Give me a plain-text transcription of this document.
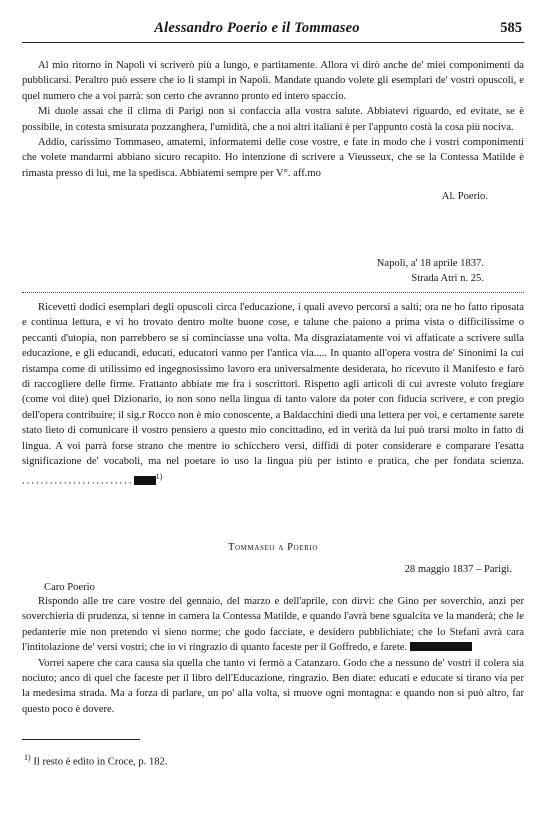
Alessandro Poerio e il Tommaseo	585

Al mio ritorno in Napoli vi scriverò più a lungo, e partitamente. Allora vi dirò anche de' miei componimenti da pubblicarsi. Peraltro può essere che io li stampi in Napoli. Mandate quando volete gli esemplari de' vostri opuscoli, e quel numero che a voi parrà: son certo che avranno pronto ed intero spaccio.

Mi duole assai che il clima di Parigi non si confaccia alla vostra salute. Abbiatevi riguardo, ed evitate, se è possibile, in cotesta smisurata pozzanghera, l'umidità, che a noi altri italiani è per l'appunto costà la cosa più nociva.

Addio, carissimo Tommaseo, amatemi, informatemi delle cose vostre, e fate in modo che i vostri componimenti che volete mandarmi abbiano sicuro recapito. Ho intenzione di scrivere a Vieusseux, che se la Contessa Matilde è rimasta presso di lui, me la spedisca. Abbiatemi sempre per V°. aff.mo

Al. Poerio.

Napoli, a' 18 aprile 1837.

Strada Atri n. 25.

Ricevetti dodici esemplari degli opuscoli circa l'educazione, i quali avevo percorsi a salti; ora ne ho fatto riposata e continua lettura, e vi ho trovato dentro molte buone cose, e talune che paiono a prima vista o difficilissime o peccanti d'utopia, non parrebbero se si cominciasse una volta. Ma disgraziatamente voi vi affaticate a scrivere sulla educazione, e gli educandi, educati, educatori vanno per l'antica via..... In quanto all'opera vostra de' Sinonimi la cui ristampa come di utilissimo ed ingegnosissimo lavoro era universalmente desiderata, ho ricevuto il Manifesto e farò di raccogliere delle firme. Frattanto abbiate me fra i soscrittori. Rispetto agli articoli di cui avreste voluto fregiare (come voi dite) quel Dizionario, io non sono nella lingua di tanto valore da poter con fiducia scrivere, e con pregio dell'opera contribuire; il sig.r Rocco non è mio conoscente, a Baldacchini diedi una lettera per voi, e certamente sarete stato lieto di comunicare il vostro pensiero a questo mio concittadino, ed in verità da lui può trarsi molto in fatto di lingua. A voi parrà forse strano che mentre io schicchero versi, diffidi di poter considerare e comparare l'esatta significazione de' vocaboli, ma nel poetare io uso la lingua più per istinto e pratica, che per fondata scienza. ........................	$^{1)}$

Tommaseo a Poerio

28 maggio 1837 – Parigi.

Caro Poerio

Rispondo alle tre care vostre del gennaio, del marzo e dell'aprile, con dirvi: che Gino per soverchio, anzi per soverchieria di prudenza, si tenne in camera la Contessa Matilde, e quando l'avrà bene sgualcita ve la manderà; che le pedanterie mie non pretendo vi sieno norme; che godo facciate, e desidero pubblichiate; che lo Stefani avrà cara l'intitolazione de' versi vostri; che io vi ringrazio di quanto faceste per il Goffredo, e farete.

Vorrei sapere che cara causa sia quella che tanto vi fermò a Catanzaro. Godo che a nessuno de' vostri il colera sia nociuto; anco di quel che faceste per il libro dell'Educazione, ringrazio. Ben diate: educati e educate si tirano via per la medesima strada. Ma a forza di parlare, un po' alla volta, si muove ogni montagna: e quando non si può altro, far questo poco è dovere.

$^{1)}$ Il resto è edito in Croce, p. 182.
